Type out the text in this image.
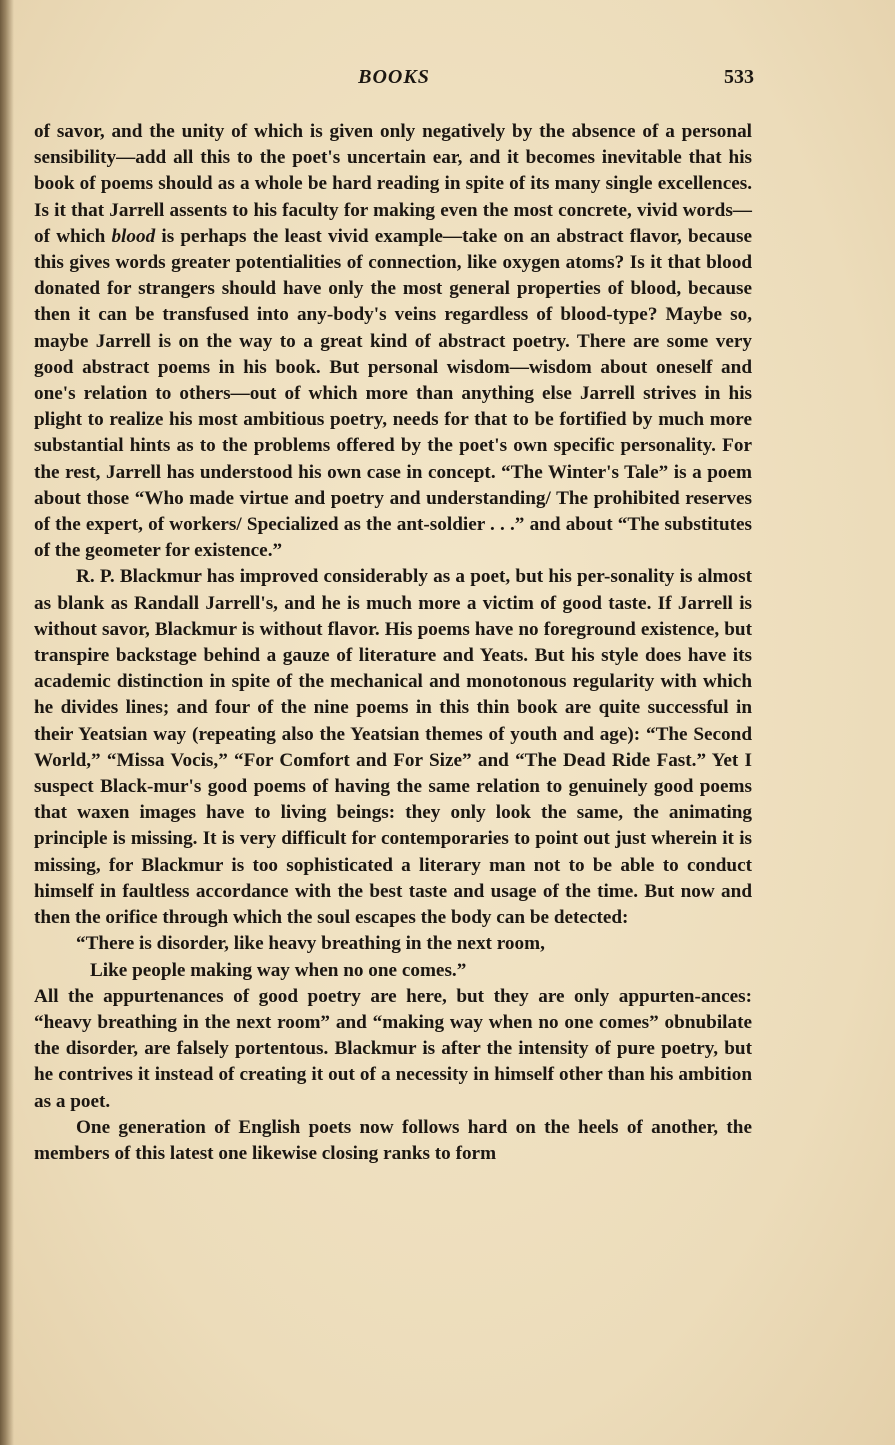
BOOKS	533

of savor, and the unity of which is given only negatively by the absence of a personal sensibility—add all this to the poet's uncertain ear, and it becomes inevitable that his book of poems should as a whole be hard reading in spite of its many single excellences. Is it that Jarrell assents to his faculty for making even the most concrete, vivid words—of which blood is perhaps the least vivid example—take on an abstract flavor, because this gives words greater potentialities of connection, like oxygen atoms? Is it that blood donated for strangers should have only the most general properties of blood, because then it can be transfused into any-body's veins regardless of blood-type? Maybe so, maybe Jarrell is on the way to a great kind of abstract poetry. There are some very good abstract poems in his book. But personal wisdom—wisdom about oneself and one's relation to others—out of which more than anything else Jarrell strives in his plight to realize his most ambitious poetry, needs for that to be fortified by much more substantial hints as to the problems offered by the poet's own specific personality. For the rest, Jarrell has understood his own case in concept. “The Winter's Tale” is a poem about those “Who made virtue and poetry and understanding/ The prohibited reserves of the expert, of workers/ Specialized as the ant-soldier . . .” and about “The substitutes of the geometer for existence.”

R. P. Blackmur has improved considerably as a poet, but his per-sonality is almost as blank as Randall Jarrell's, and he is much more a victim of good taste. If Jarrell is without savor, Blackmur is without flavor. His poems have no foreground existence, but transpire backstage behind a gauze of literature and Yeats. But his style does have its academic distinction in spite of the mechanical and monotonous regularity with which he divides lines; and four of the nine poems in this thin book are quite successful in their Yeatsian way (repeating also the Yeatsian themes of youth and age): “The Second World,” “Missa Vocis,” “For Comfort and For Size” and “The Dead Ride Fast.” Yet I suspect Black-mur's good poems of having the same relation to genuinely good poems that waxen images have to living beings: they only look the same, the animating principle is missing. It is very difficult for contemporaries to point out just wherein it is missing, for Blackmur is too sophisticated a literary man not to be able to conduct himself in faultless accordance with the best taste and usage of the time. But now and then the orifice through which the soul escapes the body can be detected:

“There is disorder, like heavy breathing in the next room,
Like people making way when no one comes.”

All the appurtenances of good poetry are here, but they are only appurten-ances: “heavy breathing in the next room” and “making way when no one comes” obnubilate the disorder, are falsely portentous. Blackmur is after the intensity of pure poetry, but he contrives it instead of creating it out of a necessity in himself other than his ambition as a poet.

One generation of English poets now follows hard on the heels of another, the members of this latest one likewise closing ranks to form
